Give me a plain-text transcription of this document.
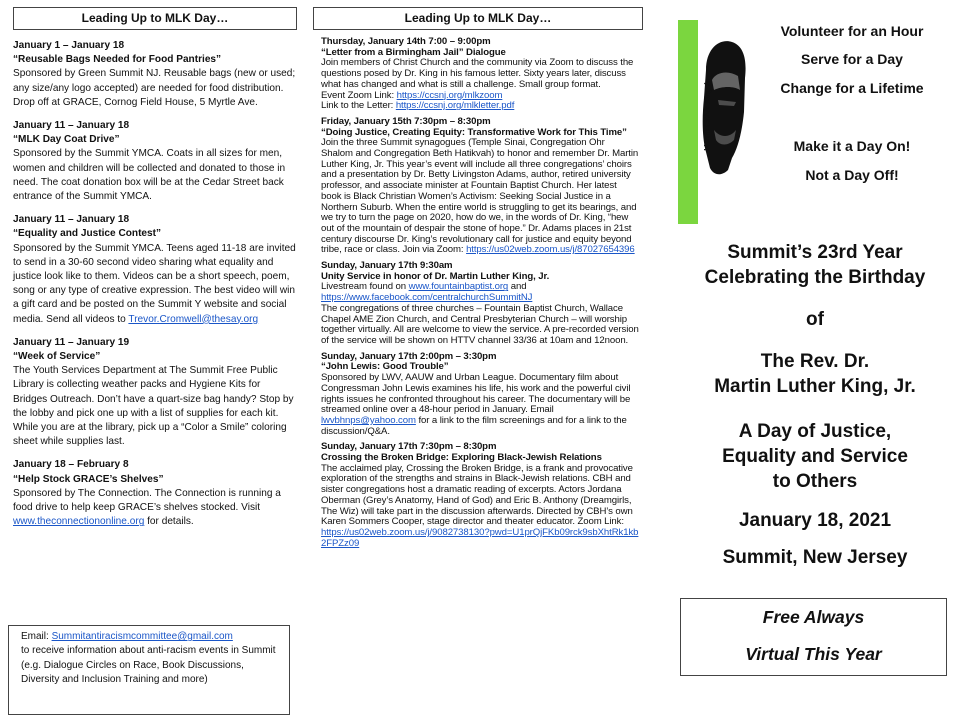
Leading Up to MLK Day…
January 1 – January 18
“Reusable Bags Needed for Food Pantries”
Sponsored by Green Summit NJ. Reusable bags (new or used; any size/any logo accepted) are needed for food distribution. Drop off at GRACE, Cornog Field House, 5 Myrtle Ave.
January 11 – January 18
“MLK Day Coat Drive”
Sponsored by the Summit YMCA. Coats in all sizes for men, women and children will be collected and donated to those in need. The coat donation box will be at the Cedar Street back entrance of the Summit YMCA.
January 11 – January 18
“Equality and Justice Contest”
Sponsored by the Summit YMCA. Teens aged 11-18 are invited to send in a 30-60 second video sharing what equality and justice look like to them. Videos can be a short speech, poem, song or any type of creative expression. The best video will win a gift card and be posted on the Summit Y website and social media. Send all videos to Trevor.Cromwell@thesay.org
January 11 – January 19
“Week of Service”
The Youth Services Department at The Summit Free Public Library is collecting weather packs and Hygiene Kits for Bridges Outreach. Don’t have a quart-size bag handy? Stop by the lobby and pick one up with a list of supplies for each kit. While you are at the library, pick up a “Color a Smile” coloring sheet while supplies last.
January 18 – February 8
“Help Stock GRACE’s Shelves”
Sponsored by The Connection. The Connection is running a food drive to help keep GRACE’s shelves stocked. Visit www.theconnectiononline.org for details.
Email: Summitantiracismcommittee@gmail.com
to receive information about anti-racism events in Summit (e.g. Dialogue Circles on Race, Book Discussions, Diversity and Inclusion Training and more)
Leading Up to MLK Day…
Thursday, January 14th 7:00 – 9:00pm
“Letter from a Birmingham Jail” Dialogue
Join members of Christ Church and the community via Zoom to discuss the questions posed by Dr. King in his famous letter. Sixty years later, discuss what has changed and what is still a challenge. Small group format.
Event Zoom Link: https://ccsnj.org/mlkzoom
Link to the Letter: https://ccsnj.org/mlkletter.pdf
Friday, January 15th 7:30pm – 8:30pm
“Doing Justice, Creating Equity: Transformative Work for This Time”
Join the three Summit synagogues (Temple Sinai, Congregation Ohr Shalom and Congregation Beth Hatikvah) to honor and remember Dr. Martin Luther King, Jr. This year’s event will include all three congregations’ choirs and a presentation by Dr. Betty Livingston Adams, author, retired university professor, and associate minister at Fountain Baptist Church. Her latest book is Black Christian Women’s Activism: Seeking Social Justice in a Northern Suburb. When the entire world is struggling to get its bearings, and we try to turn the page on 2020, how do we, in the words of Dr. King, “hew out of the mountain of despair the stone of hope.” Dr. Adams places in 21st century discourse Dr. King’s revolutionary call for justice and equity beyond tribe, race or class. Join via Zoom: https://us02web.zoom.us/j/87027654396
Sunday, January 17th 9:30am
Unity Service in honor of Dr. Martin Luther King, Jr.
Livestream found on www.fountainbaptist.org and
https://www.facebook.com/centralchurchSummitNJ
The congregations of three churches – Fountain Baptist Church, Wallace Chapel AME Zion Church, and Central Presbyterian Church – will worship together virtually. All are welcome to view the service. A pre-recorded version of the service will be shown on HTTV channel 33/36 at 10am and 12noon.
Sunday, January 17th 2:00pm – 3:30pm
“John Lewis: Good Trouble”
Sponsored by LWV, AAUW and Urban League. Documentary film about Congressman John Lewis examines his life, his work and the powerful civil rights issues he confronted throughout his career. The documentary will be streamed online over a 48-hour period in January. Email lwvbhnps@yahoo.com for a link to the film screenings and for a link to the discussion/Q&A.
Sunday, January 17th 7:30pm – 8:30pm
Crossing the Broken Bridge: Exploring Black-Jewish Relations
The acclaimed play, Crossing the Broken Bridge, is a frank and provocative exploration of the strengths and strains in Black-Jewish relations. CBH and sister congregations host a dramatic reading of excerpts. Actors Jordana Oberman (Grey’s Anatomy, Hand of God) and Eric B. Anthony (Dreamgirls, The Wiz) will take part in the discussion afterwards. Directed by CBH’s own Karen Sommers Cooper, stage director and theater educator. Zoom Link:
https://us02web.zoom.us/j/9082738130?pwd=U1prQjFKb09rck9sbXhtRk1kb2FPZz09
Martin Luther King Jr.
Volunteer for an Hour
Serve for a Day
Change for a Lifetime
Make it a Day On!
Not a Day Off!
Summit’s 23rd Year
Celebrating the Birthday
of
The Rev. Dr.
Martin Luther King, Jr.
A Day of Justice,
Equality and Service
to Others
January 18, 2021
Summit, New Jersey
Free Always
Virtual This Year
